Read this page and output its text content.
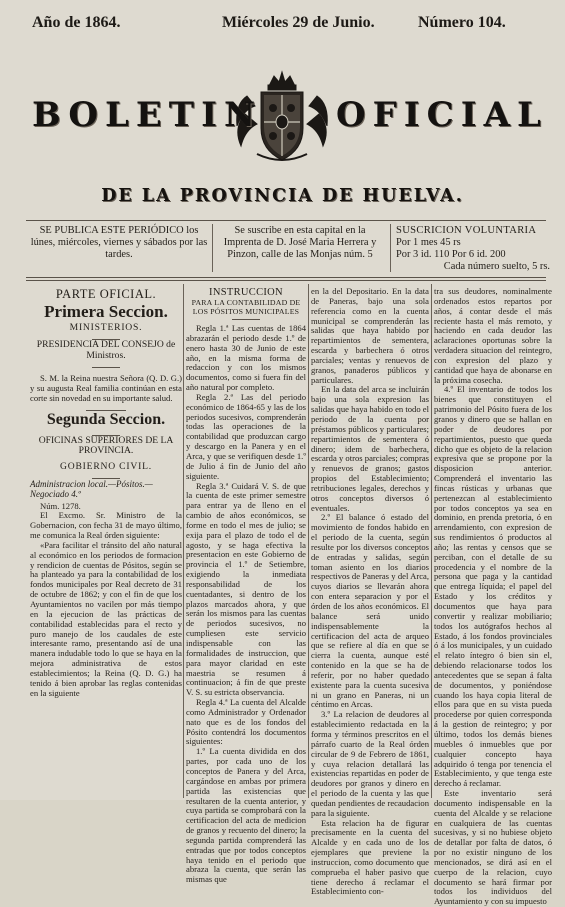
Año de 1864.	Miércoles 29 de Junio.	Número 104.
BOLETIN OFICIAL
DE LA PROVINCIA DE HUELVA.

SE PUBLICA ESTE PERIÓDICO los lúnes, miércoles, viernes y sábados por las tardes.

Se suscribe en esta capital en la Imprenta de D. José Maria Herrera y Pinzon, calle de las Monjas núm. 5

SUSCRICION VOLUNTARIA

Por 1 mes 45 rs

Por 3 id. 110 Por 6 id. 200

Cada número suelto, 5 rs.

PARTE OFICIAL.

Primera Seccion.

MINISTERIOS.

PRESIDENCIA DEL CONSEJO de Ministros.

S. M. la Reina nuestra Señora (Q. D. G.) y su augusta Real familia continúan en esta corte sin novedad en su importante salud.

Segunda Seccion.

OFICINAS SUPERIORES DE LA PROVINCIA.

GOBIERNO CIVIL.

Administracion local.—Pósitos.— Negociado 4.º

Núm. 1278.

El Excmo. Sr. Ministro de la Gobernacion, con fecha 31 de mayo último, me comunica la Real órden siguiente:

«Para facilitar el tránsito del año natural al económico en los periodos de formacion y rendicion de cuentas de Pósitos, según se ha planteado ya para la contabilidad de los fondos municipales por Real decreto de 31 de octubre de 1862; y con el fin de que los Ayuntamientos no vacilen por más tiempo en la ejecucion de las prácticas de contabilidad establecidas para el recto y puro manejo de los caudales de este interesante ramo, presentando así de una manera indudable todo lo que se haya en la mejora administrativa de estos establecimientos; la Reina (Q. D. G.) ha tenido á bien aprobar las reglas contenidas en la siguiente

INSTRUCCION

PARA LA CONTABILIDAD DE LOS PÓSITOS MUNICIPALES

Regla 1.ª Las cuentas de 1864 abrazarán el periodo desde 1.º de enero hasta 30 de Junio de este año, en la misma forma de redaccion y con los mismos documentos, como si fuera fin del año natural por completo.

Regla 2.ª Las del periodo económico de 1864-65 y las de los periodos sucesivos, comprenderán todas las operaciones de la contabilidad que produzcan cargo y descargo en la Panera y en el Arca, y que se verifiquen desde 1.º de Julio á fin de Junio del año siguiente.

Regla 3.ª Cuidará V. S. de que la cuenta de este primer semestre para entrar ya de lleno en el cambio de años económicos, se forme en todo el mes de julio; se exija para el plazo de todo el de agosto, y se haga efectiva la presentacion en este Gobierno de provincia el 1.º de Setiembre, exigiendo la inmediata responsabilidad de los cuentadantes, si dentro de los plazos marcados ahora, y que serán los mismos para las cuentas de periodos sucesivos, no cumpliesen este servicio indispensable con las formalidades de instruccion, que para mayor claridad en este maestria se resumen á continuacion; á fin de que preste V. S. su estricta observancia.

Regla 4.ª La cuenta del Alcalde como Administrador y Ordenador nato que es de los fondos del Pósito contendrá los documentos siguientes:

1.º La cuenta dividida en dos partes, por cada uno de los conceptos de Panera y del Arca, cargándose en ambas por primera partida las existencias que resultaren de la cuenta anterior, y cuya partida se comprobará con la certificacion del acta de medicion de granos y recuento del dinero; la segunda partida comprenderá las entradas que por todos conceptos haya tenido en el periodo que abraza la cuenta, que serán las mismas que

en la del Depositario. En la data de Paneras, bajo una sola referencia como en la cuenta municipal se comprenderán las salidas que haya habido por repartimientos de sementera, escarda y barbechera ó otros parciales; ventas y renuevos de granos, panaderos públicos y particulares.

En la data del arca se incluirán bajo una sola expresion las salidas que haya habido en todo el periodo de la cuenta por préstamos públicos y particulares; repartimientos de sementera ó dinero; idem de barbechera, escarda y otros parciales; compras y renuevos de granos; gastos propios del Establecimiento; retribuciones legales, derechos y otros conceptos diversos ó eventuales.

2.º El balance ó estado del movimiento de fondos habido en el periodo de la cuenta, según resulte por los diversos conceptos de entradas y salidas, según toman asiento en los diarios respectivos de Paneras y del Arca, cuyos diarios se llevarán ahora con entera separacion y por el órden de los años económicos. El balance será unido indispensablemente la certificacion del acta de arqueo que se refiere al día en que se cierra la cuenta, aunque esté contenido en la que se ha de referir, por no haber quedado existente para la cuenta sucesiva ni un grano en Paneras, ni un céntimo en Arcas.

3.º La relacion de deudores al establecimiento redactada en la forma y términos prescritos en el párrafo cuarto de la Real órden circular de 9 de Febrero de 1861, y cuya relacion detallará las existencias repartidas en poder de deudores por granos y dinero en el periodo de la cuenta y las que quedan pendientes de recaudacion para la siguiente.

Esta relacion ha de figurar precisamente en la cuenta del Alcalde y en cada uno de los ejemplares que previene la instruccion, como documento que comprueba el haber pasivo que tiene derecho á reclamar el Establecimiento con-

tra sus deudores, nominalmente ordenados estos repartos por años, á contar desde el más reciente hasta el más remoto, y haciendo en cada deudor las aclaraciones oportunas sobre la verdadera situacion del reintegro, con expresion del plazo y cantidad que haya de abonarse en la próxima cosecha.

4.º El inventario de todos los bienes que constituyen el patrimonio del Pósito fuera de los granos y dinero que se hallan en poder de deudores por repartimientos, puesto que queda dicho que es objeto de la relacion expresiva que se propone por la disposicion anterior. Comprenderá el inventario las fincas rústicas y urbanas que pertenezcan al establecimiento por todos conceptos ya sea en dominio, en prenda pretoria, ó en arrendamiento, con expresion de sus rendimientos ó productos al año; las rentas y censos que se perciban, con el detalle de su procedencia y el nombre de la persona que paga y la cantidad que entrega líquida; el papel del Estado y los créditos y documentos que haya para convertir y realizar mobiliario; todos los autógrafos hechos al Estado, á los fondos provinciales ó á los municipales, y un cuidado el relato íntegro ó bien sin el, debiendo relacionarse todos los antecedentes que se sepan á falta de documentos, y poniéndose cuando los haya copia literal de ellos para que en su vista pueda procederse por quien corresponda á la gestion de reintegro; y por último, todos los demás bienes muebles ó inmuebles que por cualquier concepto haya adquirido ó tenga por tenencia el Establecimiento, y que tenga este derecho á reclamar.

Este inventario será documento indispensable en la cuenta del Alcalde y se relacione en cualquiera de las cuentas sucesivas, y si no hubiese objeto de detallar por falta de datos, ó por no existir ninguno de los mencionados, se dirá así en el cuerpo de la relacion, cuyo documento se hará firmar por todos los individuos del Ayuntamiento y con su impuesto
